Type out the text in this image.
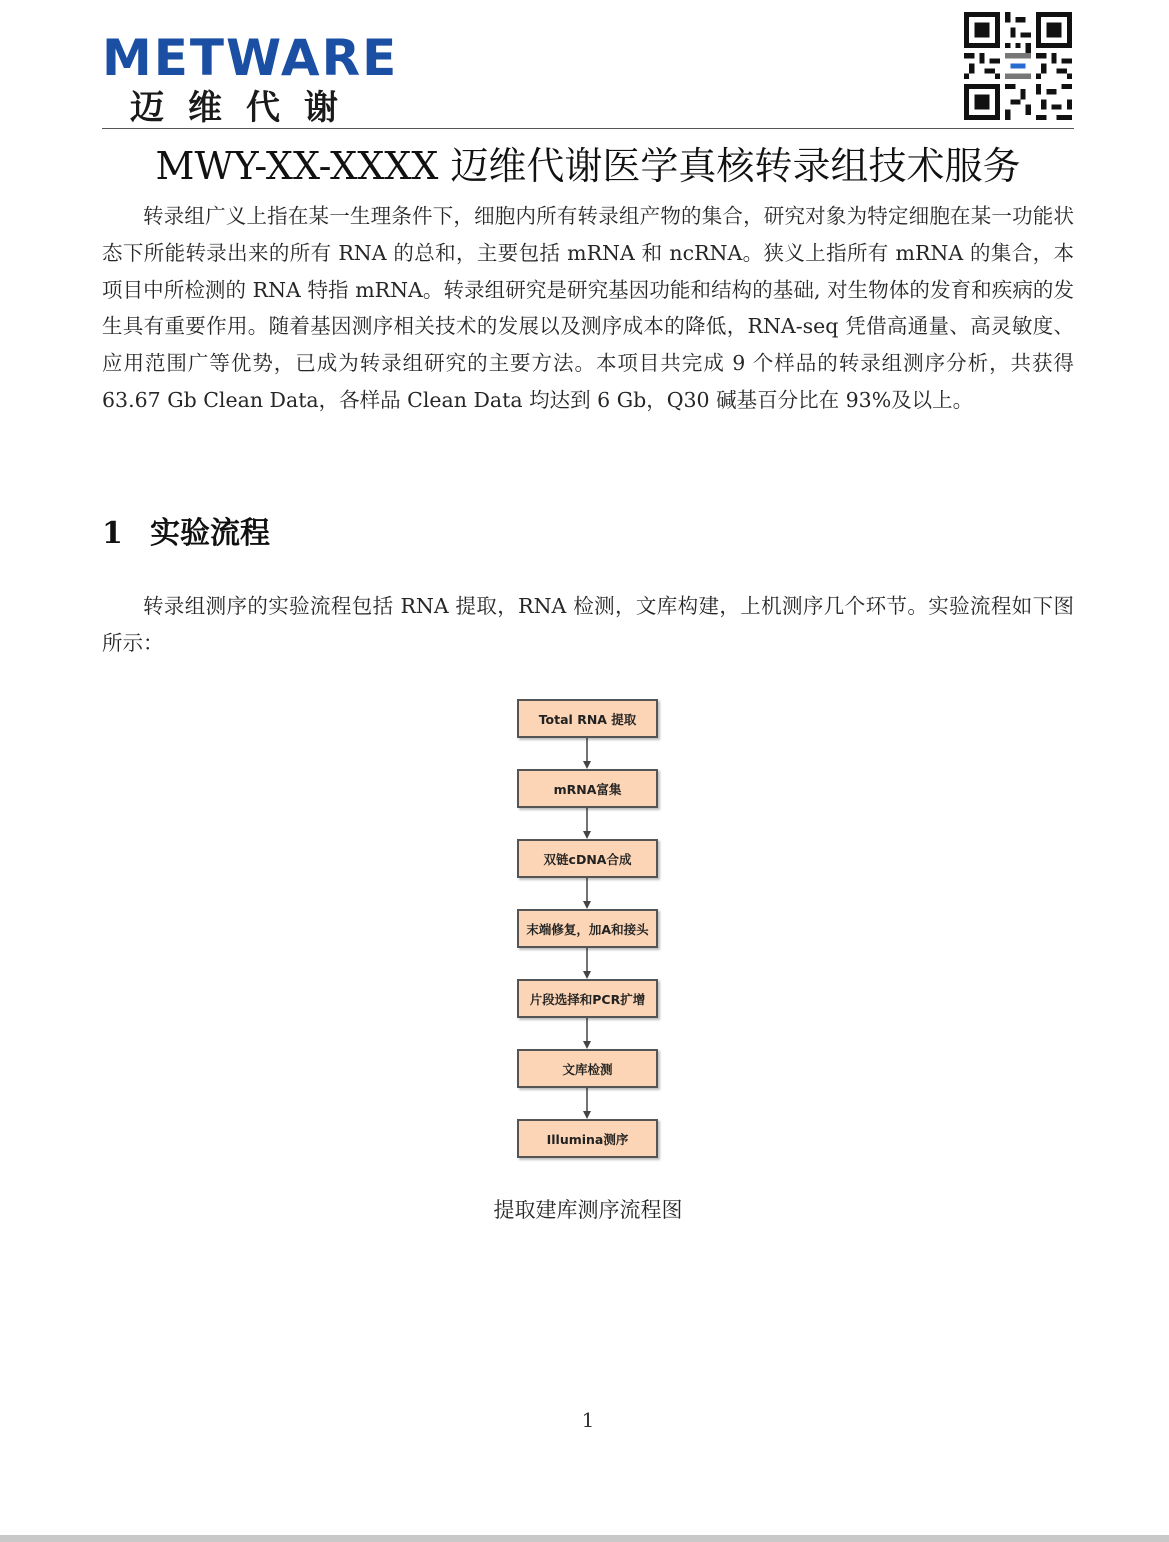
METWARE
迈维代谢
MWY-XX-XXXX 迈维代谢医学真核转录组技术服务
转录组广义上指在某一生理条件下，细胞内所有转录组产物的集合，研究对象为特定细胞在某一功能状态下所能转录出来的所有 RNA 的总和，主要包括 mRNA 和 ncRNA。狭义上指所有 mRNA 的集合，本项目中所检测的 RNA 特指 mRNA。转录组研究是研究基因功能和结构的基础, 对生物体的发育和疾病的发生具有重要作用。随着基因测序相关技术的发展以及测序成本的降低，RNA-seq 凭借高通量、高灵敏度、应用范围广等优势，已成为转录组研究的主要方法。本项目共完成 9 个样品的转录组测序分析，共获得 63.67 Gb Clean Data，各样品 Clean Data 均达到 6 Gb，Q30 碱基百分比在 93%及以上。
1 实验流程
转录组测序的实验流程包括 RNA 提取，RNA 检测，文库构建，上机测序几个环节。实验流程如下图所示：
Total RNA 提取
mRNA富集
双链cDNA合成
末端修复，加A和接头
片段选择和PCR扩增
文库检测
Illumina测序
提取建库测序流程图
1
